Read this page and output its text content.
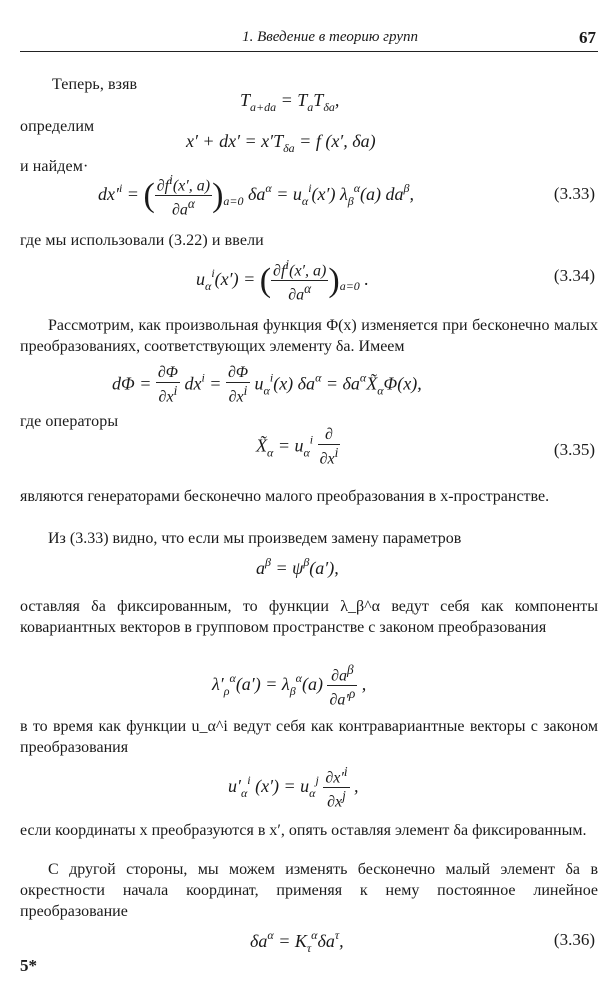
1. Введение в теорию групп	67
Теперь, взяв
$T_{a+da} = T_aT_{\delta a}$,
определим
$x' + dx' = x'T_{\delta a} = f$ (x′, δa)
и найдем·
$dx'^i$ = ( $\frac{\partial f^i(x', a)}{\partial a^\alpha} )_{a=0}$ $\delta a^\alpha = u_\alpha^i(x')$ $\lambda_\beta^\alpha(a)$ $da^\beta$,	(3.33)
где мы использовали (3.22) и ввели
$u_\alpha^i(x')$ = ( $\frac{\partial f^i(x', a)}{\partial a^\alpha} )_{a=0}$ .	(3.34)
Рассмотрим, как произвольная функция Φ(x) изменяется при бесконечно малых преобразованиях, соответствующих элементу δa. Имеем
$d\Phi = \frac{\partial\Phi}{\partial x^i} dx^i = \frac{\partial\Phi}{\partial x^i} u_\alpha^i(x) \delta a^\alpha$ = $\delta a^\alpha X̃_\alpha\Phi(x)$,
где операторы
$X̃_\alpha = u_\alpha^i \frac{\partial}{\partial x^i}$	(3.35)
являются генераторами бесконечно малого преобразования в x-пространстве.
Из (3.33) видно, что если мы произведем замену параметров
$a^\beta = \psi^\beta(a')$,
оставляя δa фиксированным, то функции λ_β^α ведут себя как компоненты ковариантных векторов в групповом пространстве с законом преобразования
$\lambda'_\rho^\alpha(a') = \lambda_\beta^\alpha(a) \frac{\partial a^\beta}{\partial a'^\rho}$ ,
в то время как функции u_α^i ведут себя как контравариантные векторы с законом преобразования
$u'_\alpha^i$ $(x') = u_\alpha^j \frac{\partial x'^i}{\partial x^j}$ ,
если координаты x преобразуются в x′, опять оставляя элемент δa фиксированным.
С другой стороны, мы можем изменять бесконечно малый элемент δa в окрестности начала координат, применяя к нему постоянное линейное преобразование
$\delta a^\alpha = K_\tau^\alpha\delta a^\tau$,	(3.36)
5*
